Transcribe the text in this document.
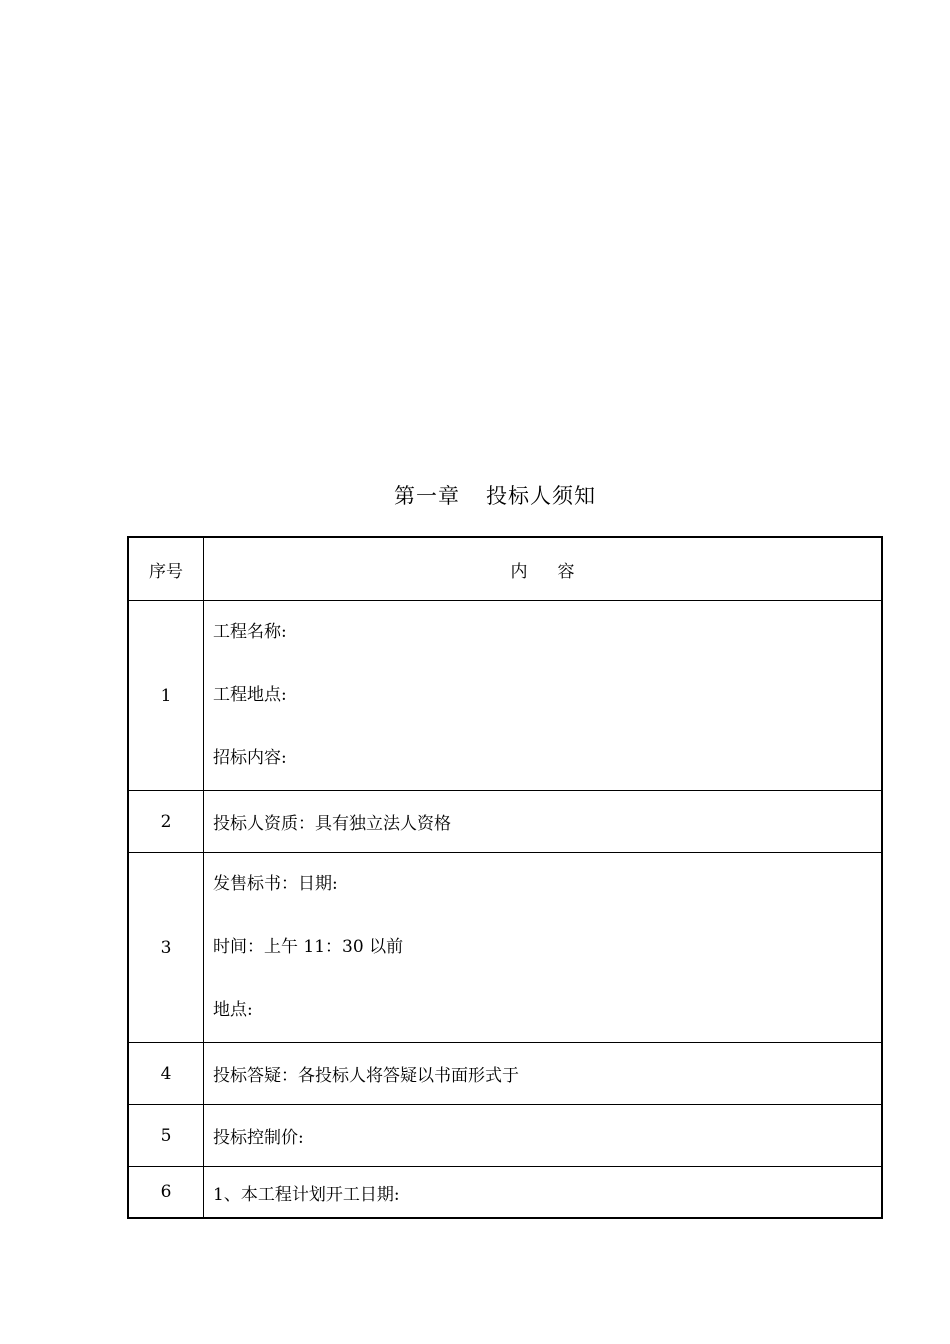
第一章 投标人须知
序号	内 容
1	工程名称:
工程地点:
招标内容:

2	投标人资质：具有独立法人资格
3	发售标书：日期:
时间：上午 11：30 以前
地点:

4	投标答疑：各投标人将答疑以书面形式于
5	投标控制价:
6	1、本工程计划开工日期:
